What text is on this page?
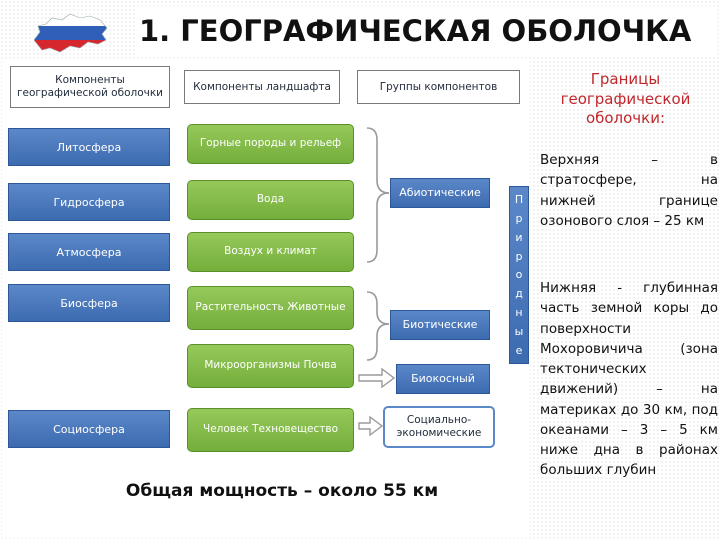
1. ГЕОГРАФИЧЕСКАЯ ОБОЛОЧКА
Компоненты географической оболочки
Компоненты ландшафта	Группы компонентов
Литосфера
Гидросфера
Атмосфера
Биосфера
Социосфера
Горные породы и рельеф
Вода
Воздух и климат
Растительность Животные
Микроорганизмы Почва
Человек Техновещество
Абиотические
Биотические
Биокосный
Социально-экономические
П
р
и
р
о
д
н
ы
е
Общая мощность – около 55 км
Границы географической оболочки:
Верхняя – в стратосфере, на нижней границе озонового слоя – 25 км
Нижняя - глубинная часть земной коры до поверхности Мохоровичича (зона тектонических движений) – на материках до 30 км, под океанами – 3 – 5 км ниже дна в районах больших глубин
